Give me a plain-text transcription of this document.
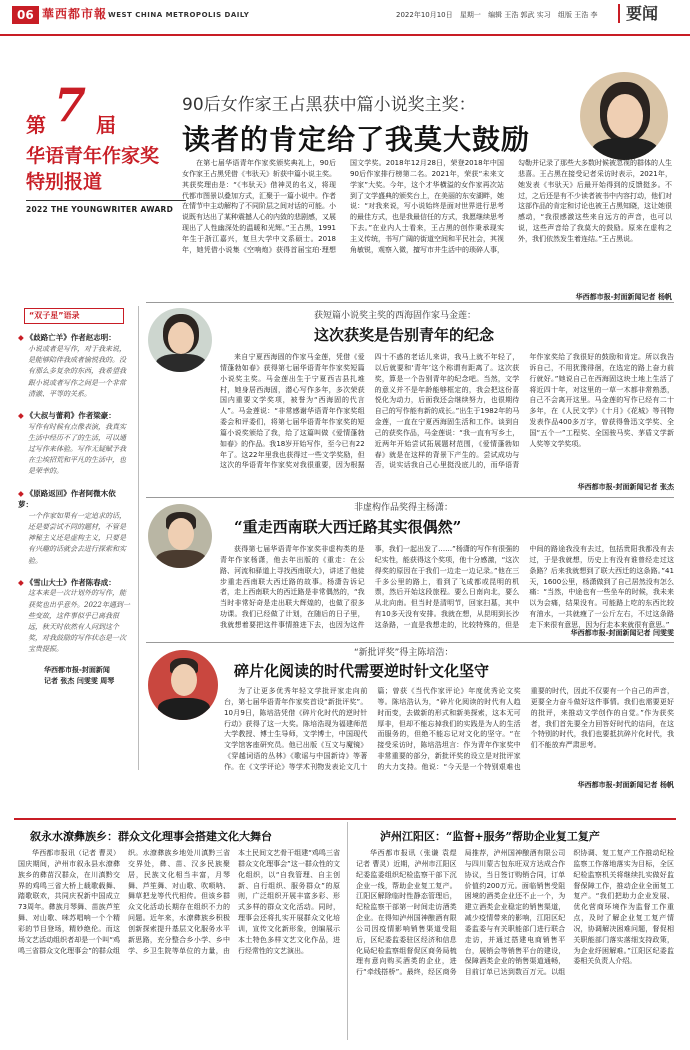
06 華西都市報 WEST CHINA METROPOLIS DAILY	2022年10月10日 星期一 编辑 王浩 郭武 实习 组版 王浩 李	要闻
第 7 届
华语青年作家奖
特别报道
2022 THE YOUNGWRITER AWARD
90后女作家王占黑获中篇小说奖主奖：
读者的肯定给了我莫大鼓励
在第七届华语青年作家奖颁奖典礼上，90后女作家王占黑凭借《韦驮天》斩获中篇小说主奖。其获奖理由是：“《韦驮天》借神灵的名义，将现代都市图景以叠加方式，汇聚于一篇小说中。作者在情节中主动解构了不同阶层之间对话的可能。小说既有达出了某种震撼人心的内敛的悲剧感，又展现出了人性幽深处的温暖和光辉。”王占黑，1991年生于浙江嘉兴，复旦大学中文系硕士。2018年，她凭借小说集《空响炮》获得首届宝珀·理想国文学奖。2018年12月28日，荣登2018年中国90后作家排行榜第二名。2021年，荣获“未来文学家”大奖。今年，这个才华横溢的女作家再次站到了文学盛典的颁奖台上，在美丽的东安湖畔，她说：“对我来说，写小说始终是面对世界进行思考的最佳方式，也是我最信任的方式，我愿继续思考下去。”在业内人士看来，王占黑的创作秉承现实主义传统，书写广阔的街道空间和平民社会，其视角敏锐，观察入微，擅写市井生活中的琐碎人事，勾勒并记录了那些大多数时候被忽视的群体的人生悲喜。王占黑在接受记者采访时表示，2021年，她发表《韦驮天》后最开始得到的反馈挺多。不过，之后还是有不少读者被书中内容打动，他们对这部作品的肯定和讨论也被王占黑知晓，这让她很感动，“我很感激这些来自远方的声音，也可以说，这些声音给了我莫大的鼓励。原来在虚构之外，我们依然发生着连结。”王占黑说。
华西都市报-封面新闻记者 杨帆
“双子星”语录
◆ 《歧路亡羊》作者赵志明：
小说或者是写作，对于我来说，是能够陪伴我成者愉悦我的。没有那么多复杂的东西，我希望我跟小说或者写作之间是一个非常清澈、平等的关系。
◆ 《大叔与蕾莉》作者梁豪：
写作有时候有点像表演，我真实生活中经历不了的生活，可以通过写作来体验。写作无疑赋予我在尘埃招荒和平凡的生活中，也是荣幸的。
◆ 《原路返回》作者阿微木依萝：
一个作家如果有一定追求的话，还是要尝试不同的题材，不管是神秘主义还是虚构主义，只要是有兴趣的话就会去进行探索和实验。
◆ 《雪山大士》作者陈春成：
这本来是一次计划外的写作，能获奖也出乎意外。2022年遇到一些变故，这件事似乎已离我很远，秋天时依然有人问到这个奖，对我鼓励的写作状态是一次宝贵提振。
华西都市报-封面新闻
记者 张杰 闫雯雯 周琴
获短篇小说奖主奖的西海固作家马金莲：
这次获奖是告别青年的纪念
来自宁夏西海固的作家马金莲，凭借《爱情蓬勃如春》获得第七届华语青年作家奖短篇小说奖主奖。马金莲出生于宁夏西吉县扎堆村，她身居西海固，潜心写作多年，多次荣获国内重要文学奖项，被誉为“西海固的代言人”。马金莲说：“非常感谢华语青年作家奖组委会和评委们，将第七届华语青年作家奖的短篇小说奖颁给了我，给了这篇叫做《爱情蓬勃如春》的作品。我18岁开始写作，至今已有22年了。这22年里我也获得过一些文学奖励，但这次的华语青年作家奖对我很重要，因为根据四十不惑的老话儿来讲，我马上就不年轻了，以后就要和‘青年’这个称谓有距离了。这次获奖，算是一个告别青年的纪念吧。当然，文学的意义并不是年龄能够框定的，我会把这份喜悦化为动力，后面我还会继续努力，也很期待自己的写作能有新的成长。”出生于1982年的马金莲，一直在宁夏西海固生活和工作。谈到自己的获奖作品，马金莲说：“我一直有写乡土，近两年开始尝试拓展题材范围，《爱情蓬勃如春》就是在这样的背景下产生的。尝试成功与否，说实话我自己心里挺没底儿的，而华语青年作家奖给了我很好的鼓励和肯定。所以我告诉自己，不用犹豫徘徊，在选定的路上奋力前行就好。”她说自己在西海固这块土地上生活了将近四十年，对这里的一草一木都非常熟悉，自己不会离开这里。马金莲的写作已经有二十多年，在《人民文学》《十月》《花城》等刊物发表作品400多万字，曾获得鲁迅文学奖、全国“五个一”工程奖、全国骏马奖、茅盾文学新人奖等文学奖项。
华西都市报-封面新闻记者 张杰
非虚构作品奖得主杨潇：
“重走西南联大西迁路其实很偶然”
获得第七届华语青年作家奖非虚构类的是青年作家杨潇，他去年出版的《重走：在公路、河流和驿道上寻找西南联大》，讲述了他徒步重走西南联大西迁路的故事。杨潇告诉记者，走上西南联大的西迁路是非常偶然的，“我当时非常好奇是走出联大辉煌的，也做了很多功课。我们已经做了计划，在随后的日子里，我就想着要把这件事情推进下去，也因为这件事，我们一起出发了……”杨潇的写作有很强的纪实性，能获得这个奖项，他十分感激，“这次得奖的原因在于我们一边走一边记录。”他在三千多公里的路上，看到了飞成都或昆明的机票，然后开始这段旅程。要么日南向北，要么从北向南。但当时是清明节，回家扫墓，其中有10多天没有安排。我就在想，从昆明到长沙这条路，一直是我想走的，比较特殊的，但是中间的路途我没有去过，包括贵阳我都没有去过，于是我就想，历史上有没有谁曾经走过这条路？后来我就想到了联大西迁的这条路。”41天，1600公里，杨潇做到了自己居然没有怎么痛：“当然，中途也有一些坐车的时候，我未来以为会痛，结果没有。可能路上吃的东西比较有油水，一共就瘦了一公斤左右，不过这条路走下来很有意思，因为行走本来就很有意思。”
华西都市报-封面新闻记者 闫雯雯
“新批评奖”得主陈培浩：
碎片化阅读的时代需要逆时针文化坚守
为了让更多优秀年轻文学批评家走向前台，第七届华语青年作家奖首设“新批评奖”。10月9日，陈培浩凭借《碎片化时代的逆时针行动》获得了这一大奖。陈培浩现为福建师范大学教授、博士生导师，文学博士，中国现代文学馆客座研究员。他已出版《互文与魔镜》《穿越词语的丛林》《歌谣与中国新诗》等著作。在《文学评论》等学术刊物发表论文几十篇；曾获《当代作家评论》年度优秀论文奖等。陈培浩认为，“碎片化阅读的时代有人趋时而变，去做新的形式和新美探索，这本无可厚非，但却不能忘掉我们的实践是为人的生活而服务的，但绝不能忘记对文化的坚守。“在接受采访时，陈培浩坦言：作为青年作家奖中非常重要的部分，新批评奖的设立是对批评家的大力支持。他说：“今天是一个特别艰难也重要的时代，因此不仅要有一个自己的声音，更要全力奋斗做好这件事情。我们也需要更好的批评，来推动文学创作的自觉。”作为获奖者，我们首先要全力回答好时代的诘问，在这个特别的时代，我们也要抵抗碎片化时代，我们不能放弃严肃思考。
华西都市报-封面新闻记者 杨帆
叙永水潦彝族乡：群众文化理事会搭建文化大舞台
华西都市报讯（记者 曹灵）国庆期间，泸州市叙永县水潦彝族乡的彝苗汉群众，在川滇黔交界的鸡鸣三省大桥上载歌载舞、踏歌联欢，共同庆祝新中国成立73周年。彝族月琴舞、苗族芦笙舞、对山歌、咪苏唱响一个个精彩的节目登场，精妙绝伦。而这场文艺活动组织者却是一个叫“鸡鸣三省群众文化理事会”的群众组织。水潦彝族乡地处川滇黔三省交界处，彝、苗、汉多民族聚居，民族文化相当丰富，月琴舞、芦笙舞、对山歌、吹唢呐、舞草把龙等代代相传。但该乡群众文化活动长期存在组织不力的问题。近年来，水潦彝族乡积极创新探索提升基层文化服务水平新思路，充分整合乡小学、乡中学、乡卫生院等单位的力量，由本土民间文艺骨干组建“鸡鸣三省群众文化理事会”这一群众性的文化组织，以“自我管理、自主创新、自行组织、服务群众”的原则，广泛组织开展丰富多彩、形式多样的群众文化活动。同时，理事会还将扎实开展群众文化培训，宣传文化新形象，创编展示本土特色多样文艺文化作品，进行经常性的文艺演出。
泸州江阳区：“监督+服务”帮助企业复工复产
华西都市报讯（张谦 袁煜 记者 曹灵）近期，泸州市江阳区纪委监委组织纪检监察干部下沉企业一线，帮助企业复工复产。江阳区解除临时性静态管理后，纪检监察干部第一时间走访酒类企业。在得知泸州国神酿酒有限公司因疫情影响销售渠道受阻后，区纪委监委驻区经济和信息化局纪检监察组督促区商务局梳理有意向购买酒类的企业，进行“牵线搭桥”。最终，经区商务局推荐，泸州国神酿酒有限公司与四川蒙古包东旺双方达成合作协议，当日签订购销合同，订单价值约200万元。面临销售受阻困境的酒类企业还不止一个，为建立酒类企业稳定的销售渠道，减少疫情带来的影响，江阳区纪委监委与有关职能部门进行联合走访，并通过搭建电商销售平台，展销会等销售平台的建设，保障酒类企业的销售渠道通畅，目前订单已达到数百万元。以组织协调、复工复产工作推动纪检监察工作落地落实为目标，全区纪检监察机关将继续扎实做好监督保障工作，推动企业全面复工复产。“我们把助力企业发展、优化营商环境作为监督工作重点，及时了解企业复工复产情况，协调解决困难问题，督促相关职能部门落实落细支持政策，为企业纾困解难。”江阳区纪委监委相关负责人介绍。
